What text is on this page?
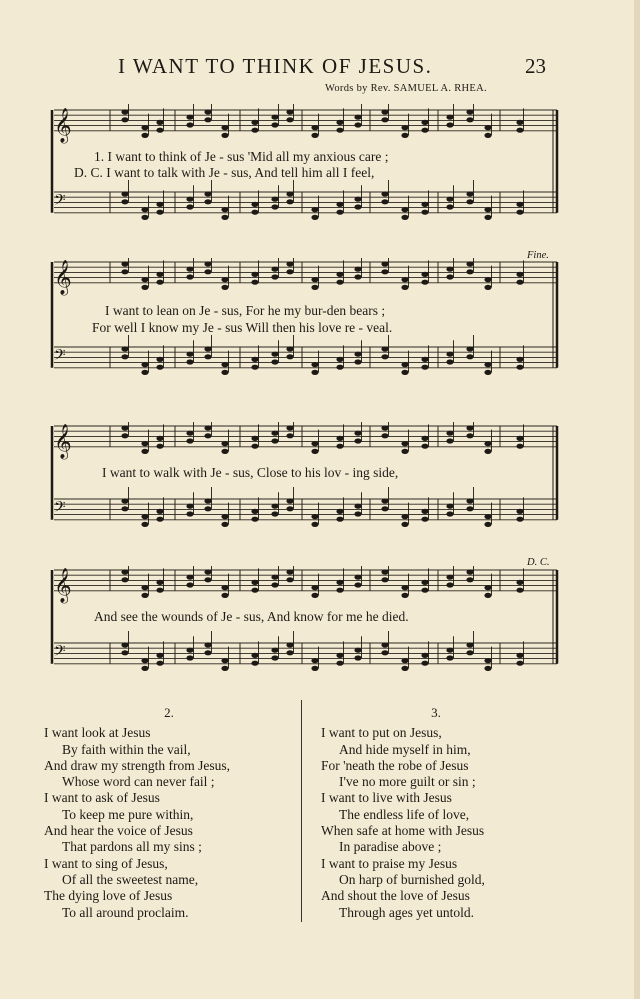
I WANT TO THINK OF JESUS.	23
Words by Rev. SAMUEL A. RHEA.
Fine.
D. C.
𝄞
𝄢
1. I want to think of Je - sus 'Mid all my anxious care ;
D. C. I want to talk with Je - sus, And tell him all I feel,
𝄞
𝄢
I want to lean on Je - sus, For he my bur-den bears ;
For well I know my Je - sus Will then his love re - veal.
𝄞
𝄢
I want to walk with Je - sus, Close to his lov - ing side,
𝄞
𝄢
And see the wounds of Je - sus, And know for me he died.
2.
I want look at Jesus
By faith within the vail,
And draw my strength from Jesus,
Whose word can never fail ;
I want to ask of Jesus
To keep me pure within,
And hear the voice of Jesus
That pardons all my sins ;
I want to sing of Jesus,
Of all the sweetest name,
The dying love of Jesus
To all around proclaim.
3.
I want to put on Jesus,
And hide myself in him,
For 'neath the robe of Jesus
I've no more guilt or sin ;
I want to live with Jesus
The endless life of love,
When safe at home with Jesus
In paradise above ;
I want to praise my Jesus
On harp of burnished gold,
And shout the love of Jesus
Through ages yet untold.
